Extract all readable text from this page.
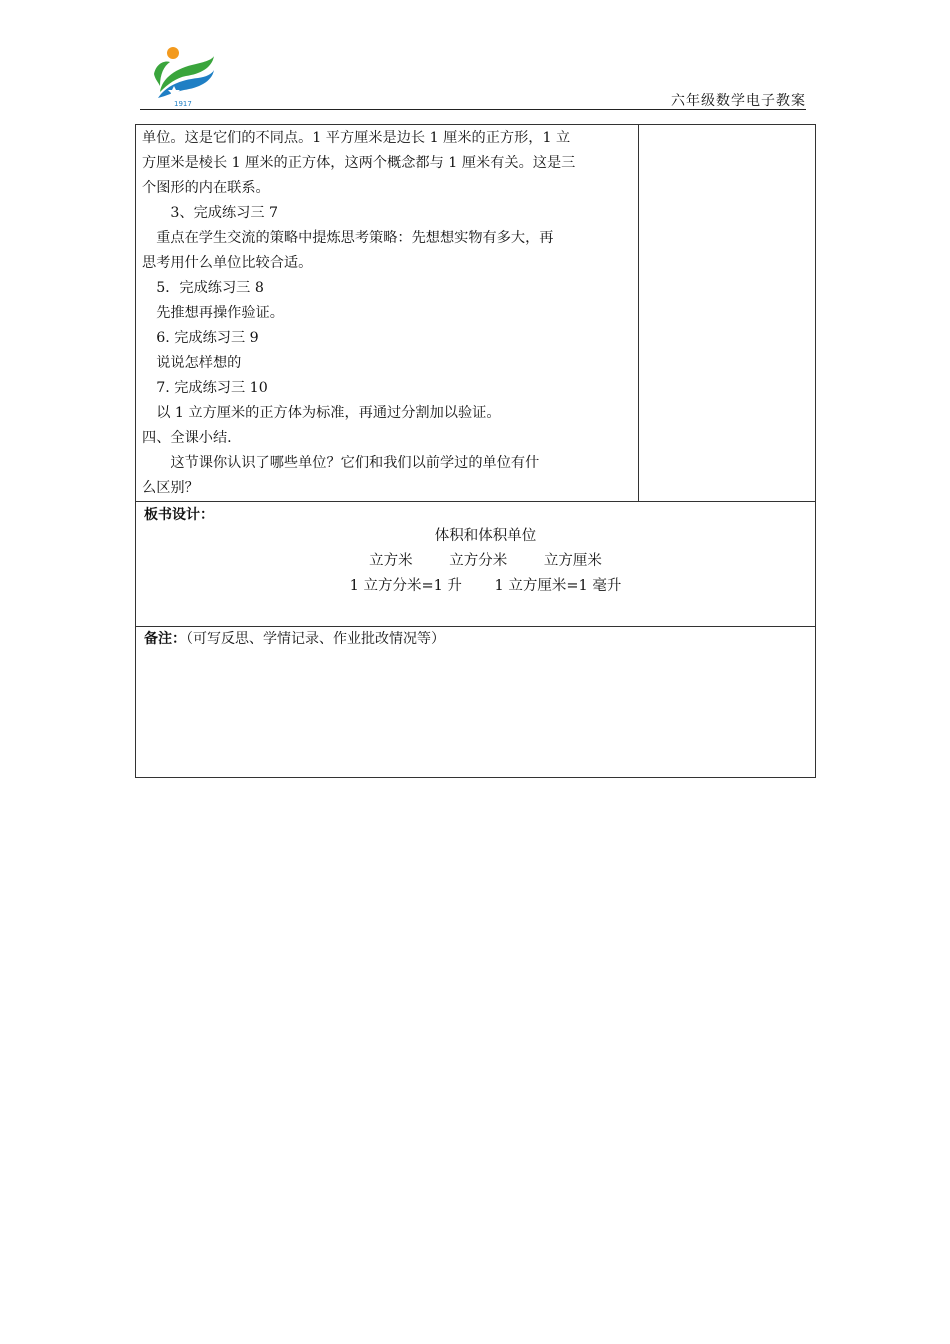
1917	六年级数学电子教案
单位。这是它们的不同点。1 平方厘米是边长 1 厘米的正方形，1 立
方厘米是棱长 1 厘米的正方体，这两个概念都与 1 厘米有关。这是三
个图形的内在联系。
　　3、完成练习三 7
　重点在学生交流的策略中提炼思考策略：先想想实物有多大，再
思考用什么单位比较合适。
　5．完成练习三 8
　先推想再操作验证。
　6. 完成练习三 9
　说说怎样想的
　7. 完成练习三 10
　以 1 立方厘米的正方体为标准，再通过分割加以验证。
四、全课小结.
　　这节课你认识了哪些单位？它们和我们以前学过的单位有什
么区别？

板书设计：
体积和体积单位
立方米	立方分米	立方厘米
1 立方分米=1 升 1 立方厘米=1 毫升

备注：（可写反思、学情记录、作业批改情况等）
